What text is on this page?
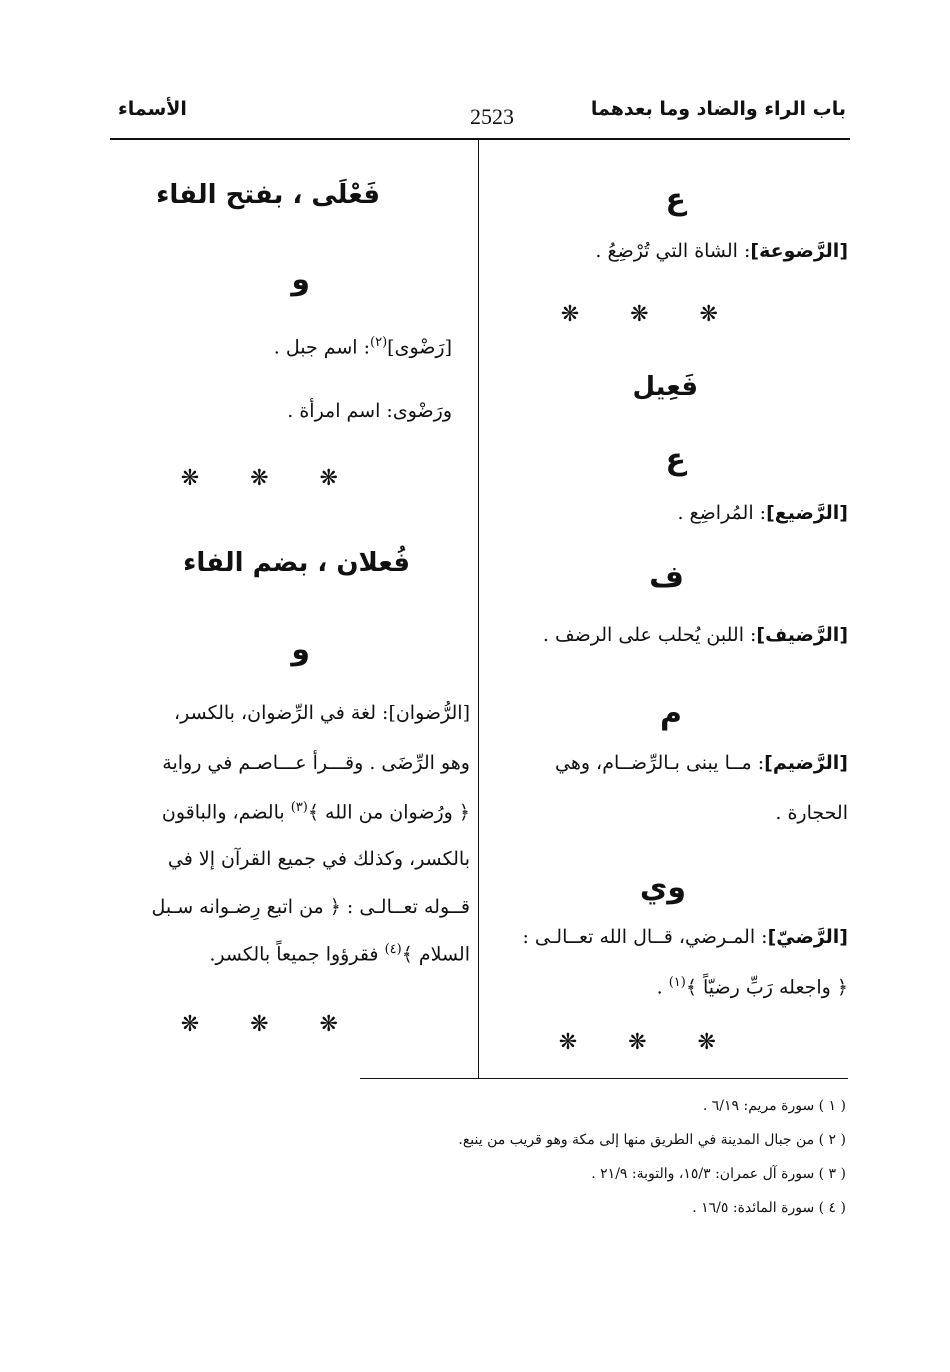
باب الراء والضاد وما بعدهما
2523
الأسماء
ع
[الرَّضوعة]: الشاة التي تُرْضِعُ .
❋ ❋ ❋
فَعِيل
ع
[الرَّضيع]: المُراضِع .
ف
[الرَّضيف]: اللبن يُحلب على الرضف .
م
[الرَّضيم]: مــا يبنى بـالرِّضــام، وهي
الحجارة .
وي
[الرَّضيّ]: المـرضي، قــال الله تعــالـى :
﴿ واجعله رَبِّ رضيّاً ﴾$^{(١)}$ .
❋ ❋ ❋
فَعْلَى ، بفتح الفاء
و
[رَضْوى]$^{(٢)}$: اسم جبل .
ورَضْوى: اسم امرأة .
❋ ❋ ❋
فُعلان ، بضم الفاء
و
[الرُّضوان]: لغة في الرِّضوان، بالكسر،
وهو الرِّضَى . وقـــرأ عـــاصـم في رواية
﴿ ورُضوان من الله ﴾$^{(٣)}$ بالضم، والباقون
بالكسر، وكذلك في جميع القرآن إلا في
قــوله تعــالـى : ﴿ من اتبع رِضـوانه سـبل
السلام ﴾$^{(٤)}$ فقرؤوا جميعاً بالكسر.
❋ ❋ ❋
( ١ ) سورة مريم: ٦/١٩ .
( ٢ ) من جبال المدينة في الطريق منها إلى مكة وهو قريب من ينبع.
( ٣ ) سورة آل عمران: ١٥/٣، والتوبة: ٢١/٩ .
( ٤ ) سورة المائدة: ١٦/٥ .
